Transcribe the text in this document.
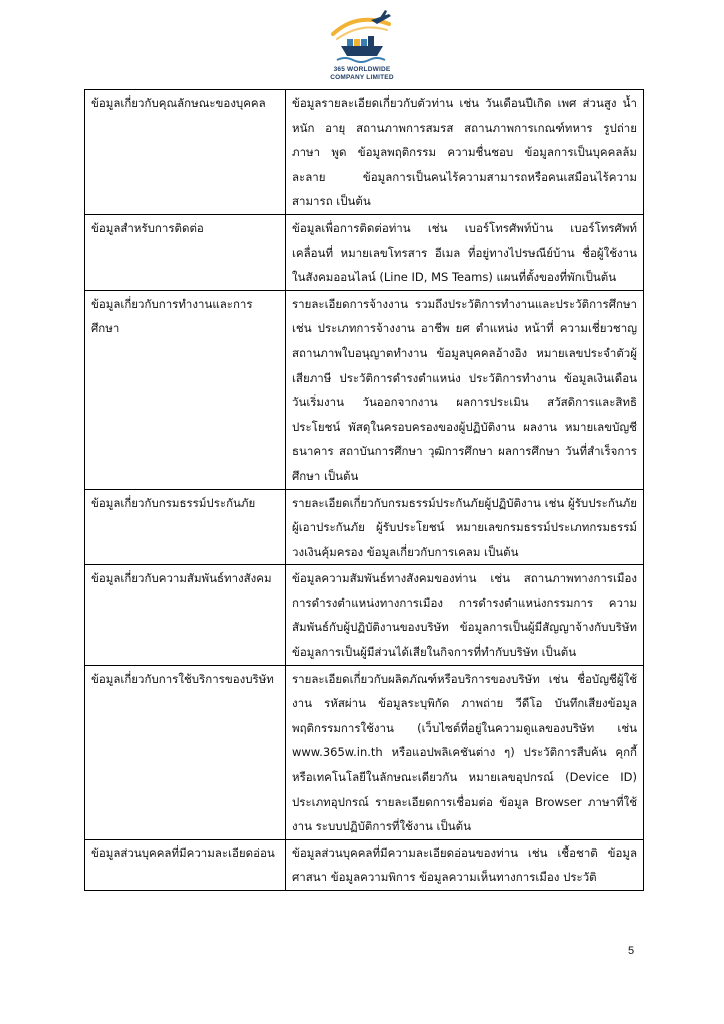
365 WORLDWIDE
COMPANY LIMITED
ข้อมูลเกี่ยวกับคุณลักษณะของบุคคล	ข้อมูลรายละเอียดเกี่ยวกับตัวท่าน เช่น วันเดือนปีเกิด เพศ ส่วนสูง น้ำหนัก อายุ สถานภาพการสมรส สถานภาพการเกณฑ์ทหาร รูปถ่าย ภาษา พูด ข้อมูลพฤติกรรม ความชื่นชอบ ข้อมูลการเป็นบุคคลล้มละลาย ข้อมูลการเป็นคนไร้ความสามารถหรือคนเสมือนไร้ความสามารถ เป็นต้น
ข้อมูลสำหรับการติดต่อ	ข้อมูลเพื่อการติดต่อท่าน เช่น เบอร์โทรศัพท์บ้าน เบอร์โทรศัพท์เคลื่อนที่ หมายเลขโทรสาร อีเมล ที่อยู่ทางไปรษณีย์บ้าน ชื่อผู้ใช้งาน ในสังคมออนไลน์ (Line ID, MS Teams) แผนที่ตั้งของที่พักเป็นต้น
ข้อมูลเกี่ยวกับการทำงานและการศึกษา	รายละเอียดการจ้างงาน รวมถึงประวัติการทำงานและประวัติการศึกษา เช่น ประเภทการจ้างงาน อาชีพ ยศ ตำแหน่ง หน้าที่ ความเชี่ยวชาญ สถานภาพใบอนุญาตทำงาน ข้อมูลบุคคลอ้างอิง หมายเลขประจำตัวผู้เสียภาษี ประวัติการดำรงตำแหน่ง ประวัติการทำงาน ข้อมูลเงินเดือน วันเริ่มงาน วันออกจากงาน ผลการประเมิน สวัสดิการและสิทธิประโยชน์ พัสดุในครอบครองของผู้ปฏิบัติงาน ผลงาน หมายเลขบัญชีธนาคาร สถาบันการศึกษา วุฒิการศึกษา ผลการศึกษา วันที่สำเร็จการศึกษา เป็นต้น
ข้อมูลเกี่ยวกับกรมธรรม์ประกันภัย	รายละเอียดเกี่ยวกับกรมธรรม์ประกันภัยผู้ปฏิบัติงาน เช่น ผู้รับประกันภัย ผู้เอาประกันภัย ผู้รับประโยชน์ หมายเลขกรมธรรม์ประเภทกรมธรรม์ วงเงินคุ้มครอง ข้อมูลเกี่ยวกับการเคลม เป็นต้น
ข้อมูลเกี่ยวกับความสัมพันธ์ทางสังคม	ข้อมูลความสัมพันธ์ทางสังคมของท่าน เช่น สถานภาพทางการเมือง การดำรงตำแหน่งทางการเมือง การดำรงตำแหน่งกรรมการ ความสัมพันธ์กับผู้ปฏิบัติงานของบริษัท ข้อมูลการเป็นผู้มีสัญญาจ้างกับบริษัท ข้อมูลการเป็นผู้มีส่วนได้เสียในกิจการที่ทำกับบริษัท เป็นต้น
ข้อมูลเกี่ยวกับการใช้บริการของบริษัท	รายละเอียดเกี่ยวกับผลิตภัณฑ์หรือบริการของบริษัท เช่น ชื่อบัญชีผู้ใช้งาน รหัสผ่าน ข้อมูลระบุพิกัด ภาพถ่าย วีดีโอ บันทึกเสียงข้อมูลพฤติกรรมการใช้งาน (เว็บไซต์ที่อยู่ในความดูแลของบริษัท เช่น www.365w.in.th หรือแอปพลิเคชันต่าง ๆ) ประวัติการสืบค้น คุกกี้หรือเทคโนโลยีในลักษณะเดียวกัน หมายเลขอุปกรณ์ (Device ID) ประเภทอุปกรณ์ รายละเอียดการเชื่อมต่อ ข้อมูล Browser ภาษาที่ใช้งาน ระบบปฏิบัติการที่ใช้งาน เป็นต้น
ข้อมูลส่วนบุคคลที่มีความละเอียดอ่อน	ข้อมูลส่วนบุคคลที่มีความละเอียดอ่อนของท่าน เช่น เชื้อชาติ ข้อมูลศาสนา ข้อมูลความพิการ ข้อมูลความเห็นทางการเมือง ประวัติ
5
